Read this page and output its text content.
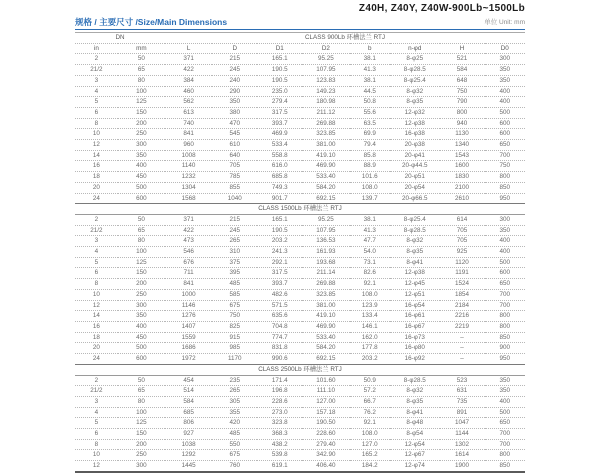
Z40H, Z40Y, Z40W-900Lb~1500Lb
规格 / 主要尺寸 /Size/Main Dimensions	单位 Unit: mm
DN		CLASS 900Lb 环槽法兰 RTJ							
in	mm	L	D	D1	D2	b	n-φd	H	D0
2	50	371	215	165.1	95.25	38.1	8-φ25	521	300
21/2	65	422	245	190.5	107.95	41.3	8-φ28.5	584	350
3	80	384	240	190.5	123.83	38.1	8-φ25.4	648	350
4	100	460	290	235.0	149.23	44.5	8-φ32	750	400
5	125	562	350	279.4	180.98	50.8	8-φ35	790	400
6	150	613	380	317.5	211.12	55.6	12-φ32	800	500
8	200	740	470	393.7	269.88	63.5	12-φ38	940	600
10	250	841	545	469.9	323.85	69.9	16-φ38	1130	600
12	300	960	610	533.4	381.00	79.4	20-φ38	1340	650
14	350	1008	640	558.8	419.10	85.8	20-φ41	1543	700
16	400	1140	705	616.0	469.90	88.9	20-φ44.5	1600	750
18	450	1232	785	685.8	533.40	101.6	20-φ51	1830	800
20	500	1304	855	749.3	584.20	108.0	20-φ54	2100	850
24	600	1568	1040	901.7	692.15	139.7	20-φ66.5	2610	950
CLASS 1500Lb 环槽法兰 RTJ									
2	50	371	215	165.1	95.25	38.1	8-φ25.4	614	300
21/2	65	422	245	190.5	107.95	41.3	8-φ28.5	705	350
3	80	473	265	203.2	136.53	47.7	8-φ32	705	400
4	100	546	310	241.3	161.93	54.0	8-φ35	925	400
5	125	676	375	292.1	193.68	73.1	8-φ41	1120	500
6	150	711	395	317.5	211.14	82.6	12-φ38	1191	600
8	200	841	485	393.7	269.88	92.1	12-φ45	1524	650
10	250	1000	585	482.6	323.85	108.0	12-φ51	1854	700
12	300	1146	675	571.5	381.00	123.9	16-φ54	2184	700
14	350	1276	750	635.6	419.10	133.4	16-φ61	2216	800
16	400	1407	825	704.8	469.90	146.1	16-φ67	2219	800
18	450	1559	915	774.7	533.40	162.0	16-φ73	–	850
20	500	1686	985	831.8	584.20	177.8	16-φ80	–	900
24	600	1972	1170	990.6	692.15	203.2	16-φ92	–	950
CLASS 2500Lb 环槽法兰 RTJ									
2	50	454	235	171.4	101.60	50.9	8-φ28.5	523	350
21/2	65	514	265	196.8	111.10	57.2	8-φ32	631	350
3	80	584	305	228.6	127.00	66.7	8-φ35	735	400
4	100	685	355	273.0	157.18	76.2	8-φ41	891	500
5	125	806	420	323.8	190.50	92.1	8-φ48	1047	650
6	150	927	485	368.3	228.60	108.0	8-φ54	1144	700
8	200	1038	550	438.2	279.40	127.0	12-φ54	1302	700
10	250	1292	675	539.8	342.90	165.2	12-φ67	1614	800
12	300	1445	760	619.1	406.40	184.2	12-φ74	1900	850
